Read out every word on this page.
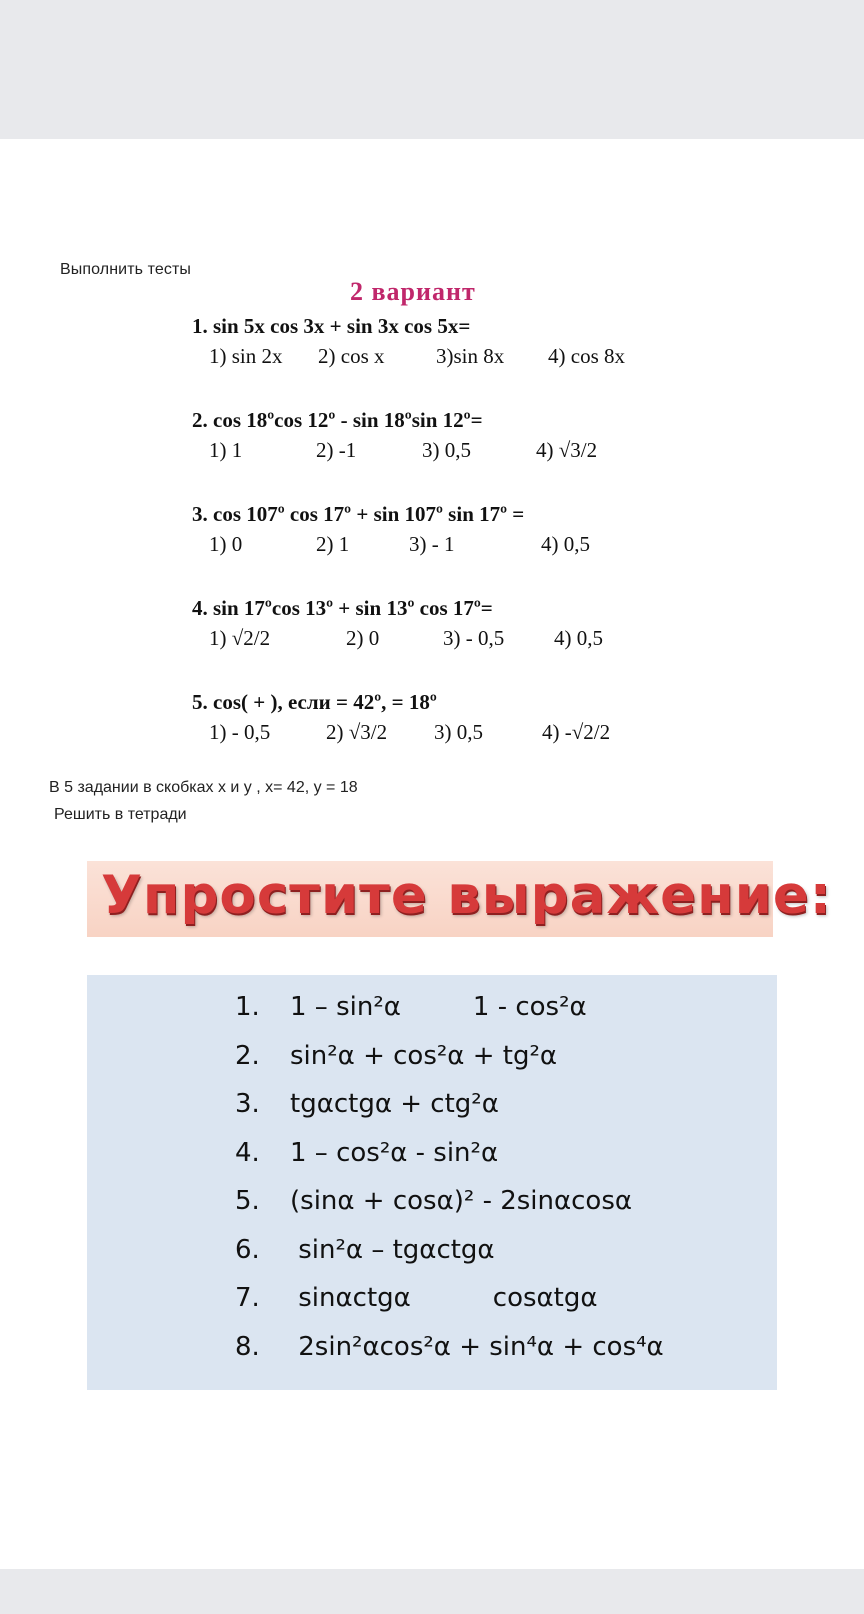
Выполнить тесты
2 вариант
1. sin 5x cos 3x + sin 3x cos 5x=
1) sin 2x 2) cos x 3)sin 8x 4) cos 8x
2. cos 18ºcos 12º - sin 18ºsin 12º=
1) 1	2) -1	3) 0,5	4) √3/2
3. cos 107º cos 17º + sin 107º sin 17º =
1) 0	2) 1	3) - 1	4) 0,5
4. sin 17ºcos 13º + sin 13º cos 17º=
1) √2/2	2) 0	3) - 0,5 4) 0,5
5. cos( + ), если = 42º, = 18º
1) - 0,5	2) √3/2 3) 0,5	4) -√2/2
В 5 задании в скобках x и y , x= 42, y = 18
Решить в тетради
Упростите выражение:
1. 1 – sin²α	1 - cos²α
2. sin²α + cos²α + tg²α
3. tgαctgα + ctg²α
4. 1 – cos²α - sin²α
5. (sinα + cosα)² - 2sinαcosα
6. sin²α – tgαctgα
7. sinαctgα	cosαtgα
8. 2sin²αcos²α + sin⁴α + cos⁴α
